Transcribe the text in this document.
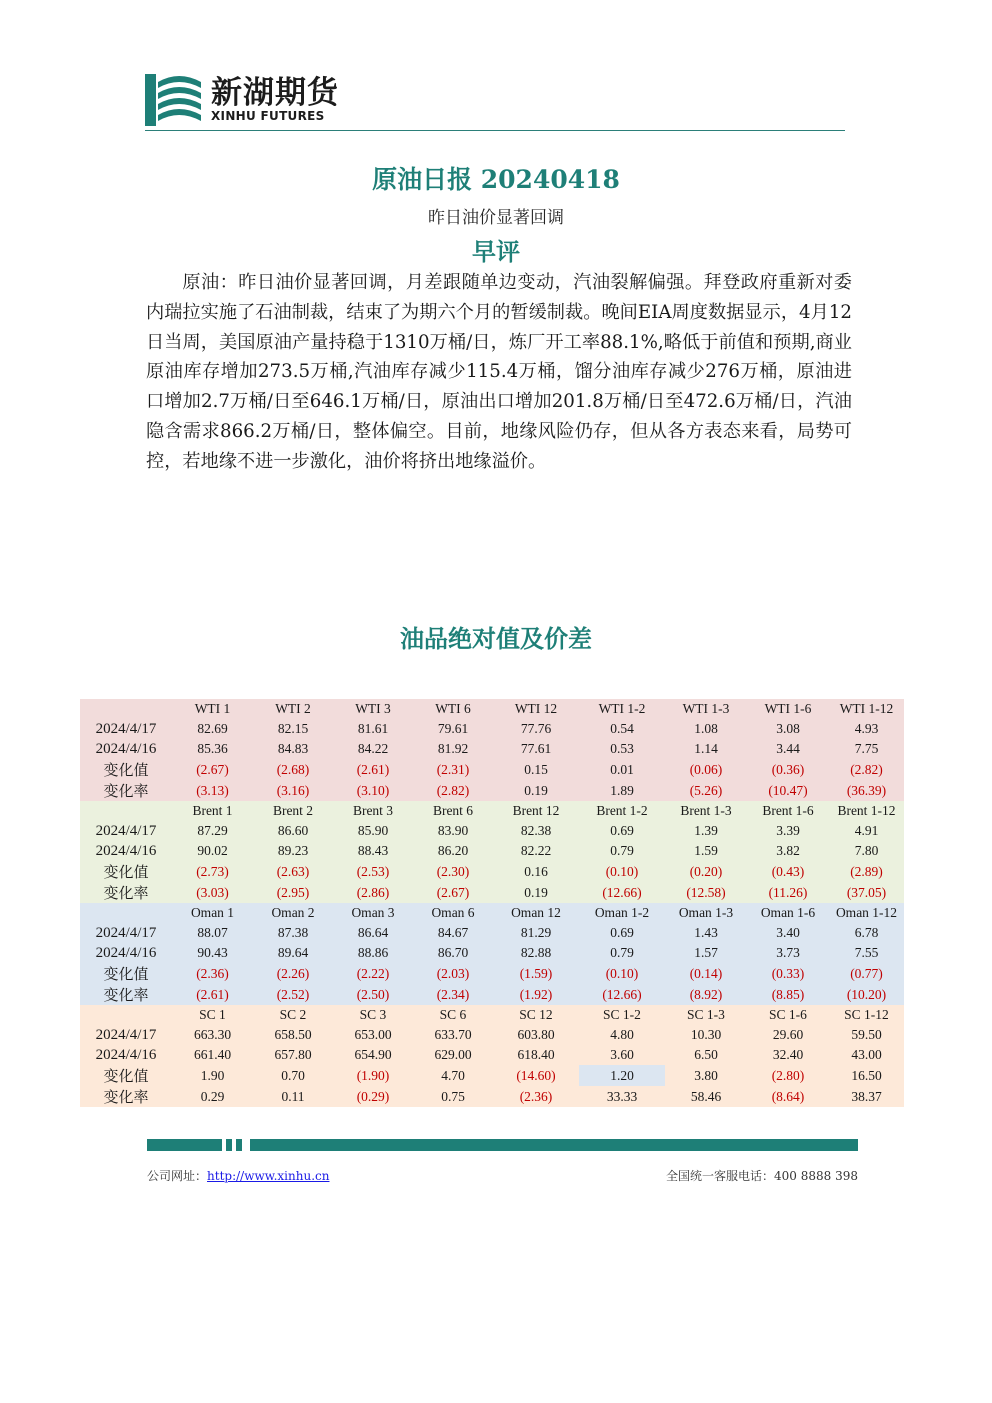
新湖期货
XINHU FUTURES
原油日报 20240418
昨日油价显著回调
早评
原油：昨日油价显著回调，月差跟随单边变动，汽油裂解偏强。拜登政府重新对委内瑞拉实施了石油制裁，结束了为期六个月的暂缓制裁。晚间EIA周度数据显示，4月12日当周，美国原油产量持稳于1310万桶/日，炼厂开工率88.1%,略低于前值和预期,商业原油库存增加273.5万桶,汽油库存减少115.4万桶，馏分油库存减少276万桶，原油进口增加2.7万桶/日至646.1万桶/日，原油出口增加201.8万桶/日至472.6万桶/日，汽油隐含需求866.2万桶/日，整体偏空。目前，地缘风险仍存，但从各方表态来看，局势可控，若地缘不进一步激化，油价将挤出地缘溢价。
油品绝对值及价差
	WTI 1	WTI 2	WTI 3	WTI 6	WTI 12	WTI 1-2	WTI 1-3	WTI 1-6	WTI 1-12
2024/4/17	82.69	82.15	81.61	79.61	77.76	0.54	1.08	3.08	4.93
2024/4/16	85.36	84.83	84.22	81.92	77.61	0.53	1.14	3.44	7.75
变化值	(2.67)	(2.68)	(2.61)	(2.31)	0.15	0.01	(0.06)	(0.36)	(2.82)
变化率	(3.13)	(3.16)	(3.10)	(2.82)	0.19	1.89	(5.26)	(10.47)	(36.39)
	Brent 1	Brent 2	Brent 3	Brent 6	Brent 12	Brent 1-2	Brent 1-3	Brent 1-6	Brent 1-12
2024/4/17	87.29	86.60	85.90	83.90	82.38	0.69	1.39	3.39	4.91
2024/4/16	90.02	89.23	88.43	86.20	82.22	0.79	1.59	3.82	7.80
变化值	(2.73)	(2.63)	(2.53)	(2.30)	0.16	(0.10)	(0.20)	(0.43)	(2.89)
变化率	(3.03)	(2.95)	(2.86)	(2.67)	0.19	(12.66)	(12.58)	(11.26)	(37.05)
	Oman 1	Oman 2	Oman 3	Oman 6	Oman 12	Oman 1-2	Oman 1-3	Oman 1-6	Oman 1-12
2024/4/17	88.07	87.38	86.64	84.67	81.29	0.69	1.43	3.40	6.78
2024/4/16	90.43	89.64	88.86	86.70	82.88	0.79	1.57	3.73	7.55
变化值	(2.36)	(2.26)	(2.22)	(2.03)	(1.59)	(0.10)	(0.14)	(0.33)	(0.77)
变化率	(2.61)	(2.52)	(2.50)	(2.34)	(1.92)	(12.66)	(8.92)	(8.85)	(10.20)
	SC 1	SC 2	SC 3	SC 6	SC 12	SC 1-2	SC 1-3	SC 1-6	SC 1-12
2024/4/17	663.30	658.50	653.00	633.70	603.80	4.80	10.30	29.60	59.50
2024/4/16	661.40	657.80	654.90	629.00	618.40	3.60	6.50	32.40	43.00
变化值	1.90	0.70	(1.90)	4.70	(14.60)	1.20	3.80	(2.80)	16.50
变化率	0.29	0.11	(0.29)	0.75	(2.36)	33.33	58.46	(8.64)	38.37
公司网址：http://www.xinhu.cn	全国统一客服电话：400 8888 398
